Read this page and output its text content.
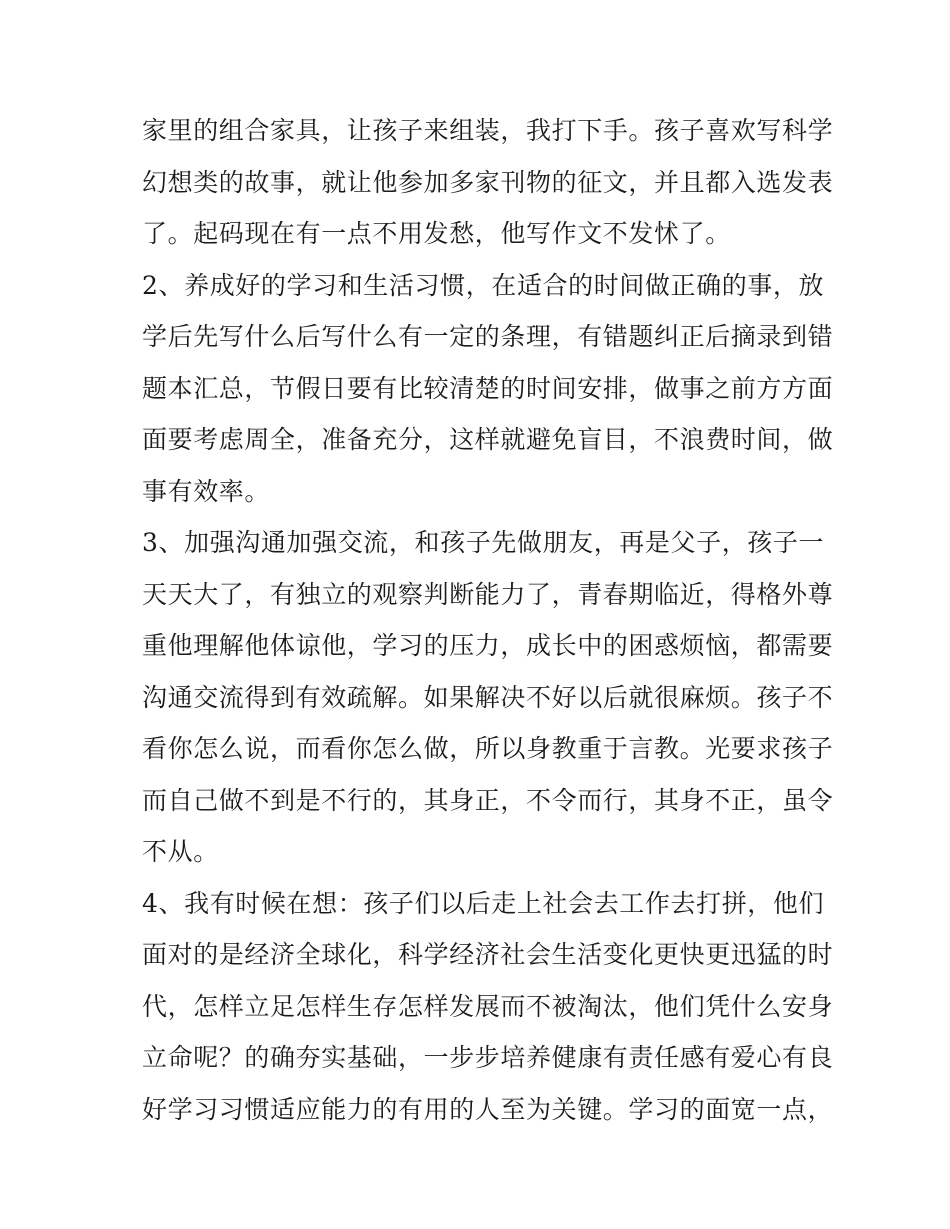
家里的组合家具，让孩子来组装，我打下手。孩子喜欢写科学
幻想类的故事，就让他参加多家刊物的征文，并且都入选发表
了。起码现在有一点不用发愁，他写作文不发怵了。
2、养成好的学习和生活习惯，在适合的时间做正确的事，放
学后先写什么后写什么有一定的条理，有错题纠正后摘录到错
题本汇总，节假日要有比较清楚的时间安排，做事之前方方面
面要考虑周全，准备充分，这样就避免盲目，不浪费时间，做
事有效率。
3、加强沟通加强交流，和孩子先做朋友，再是父子，孩子一
天天大了，有独立的观察判断能力了，青春期临近，得格外尊
重他理解他体谅他，学习的压力，成长中的困惑烦恼，都需要
沟通交流得到有效疏解。如果解决不好以后就很麻烦。孩子不
看你怎么说，而看你怎么做，所以身教重于言教。光要求孩子
而自己做不到是不行的，其身正，不令而行，其身不正，虽令
不从。
4、我有时候在想：孩子们以后走上社会去工作去打拼，他们
面对的是经济全球化，科学经济社会生活变化更快更迅猛的时
代，怎样立足怎样生存怎样发展而不被淘汰，他们凭什么安身
立命呢？的确夯实基础，一步步培养健康有责任感有爱心有良
好学习习惯适应能力的有用的人至为关键。学习的面宽一点，
